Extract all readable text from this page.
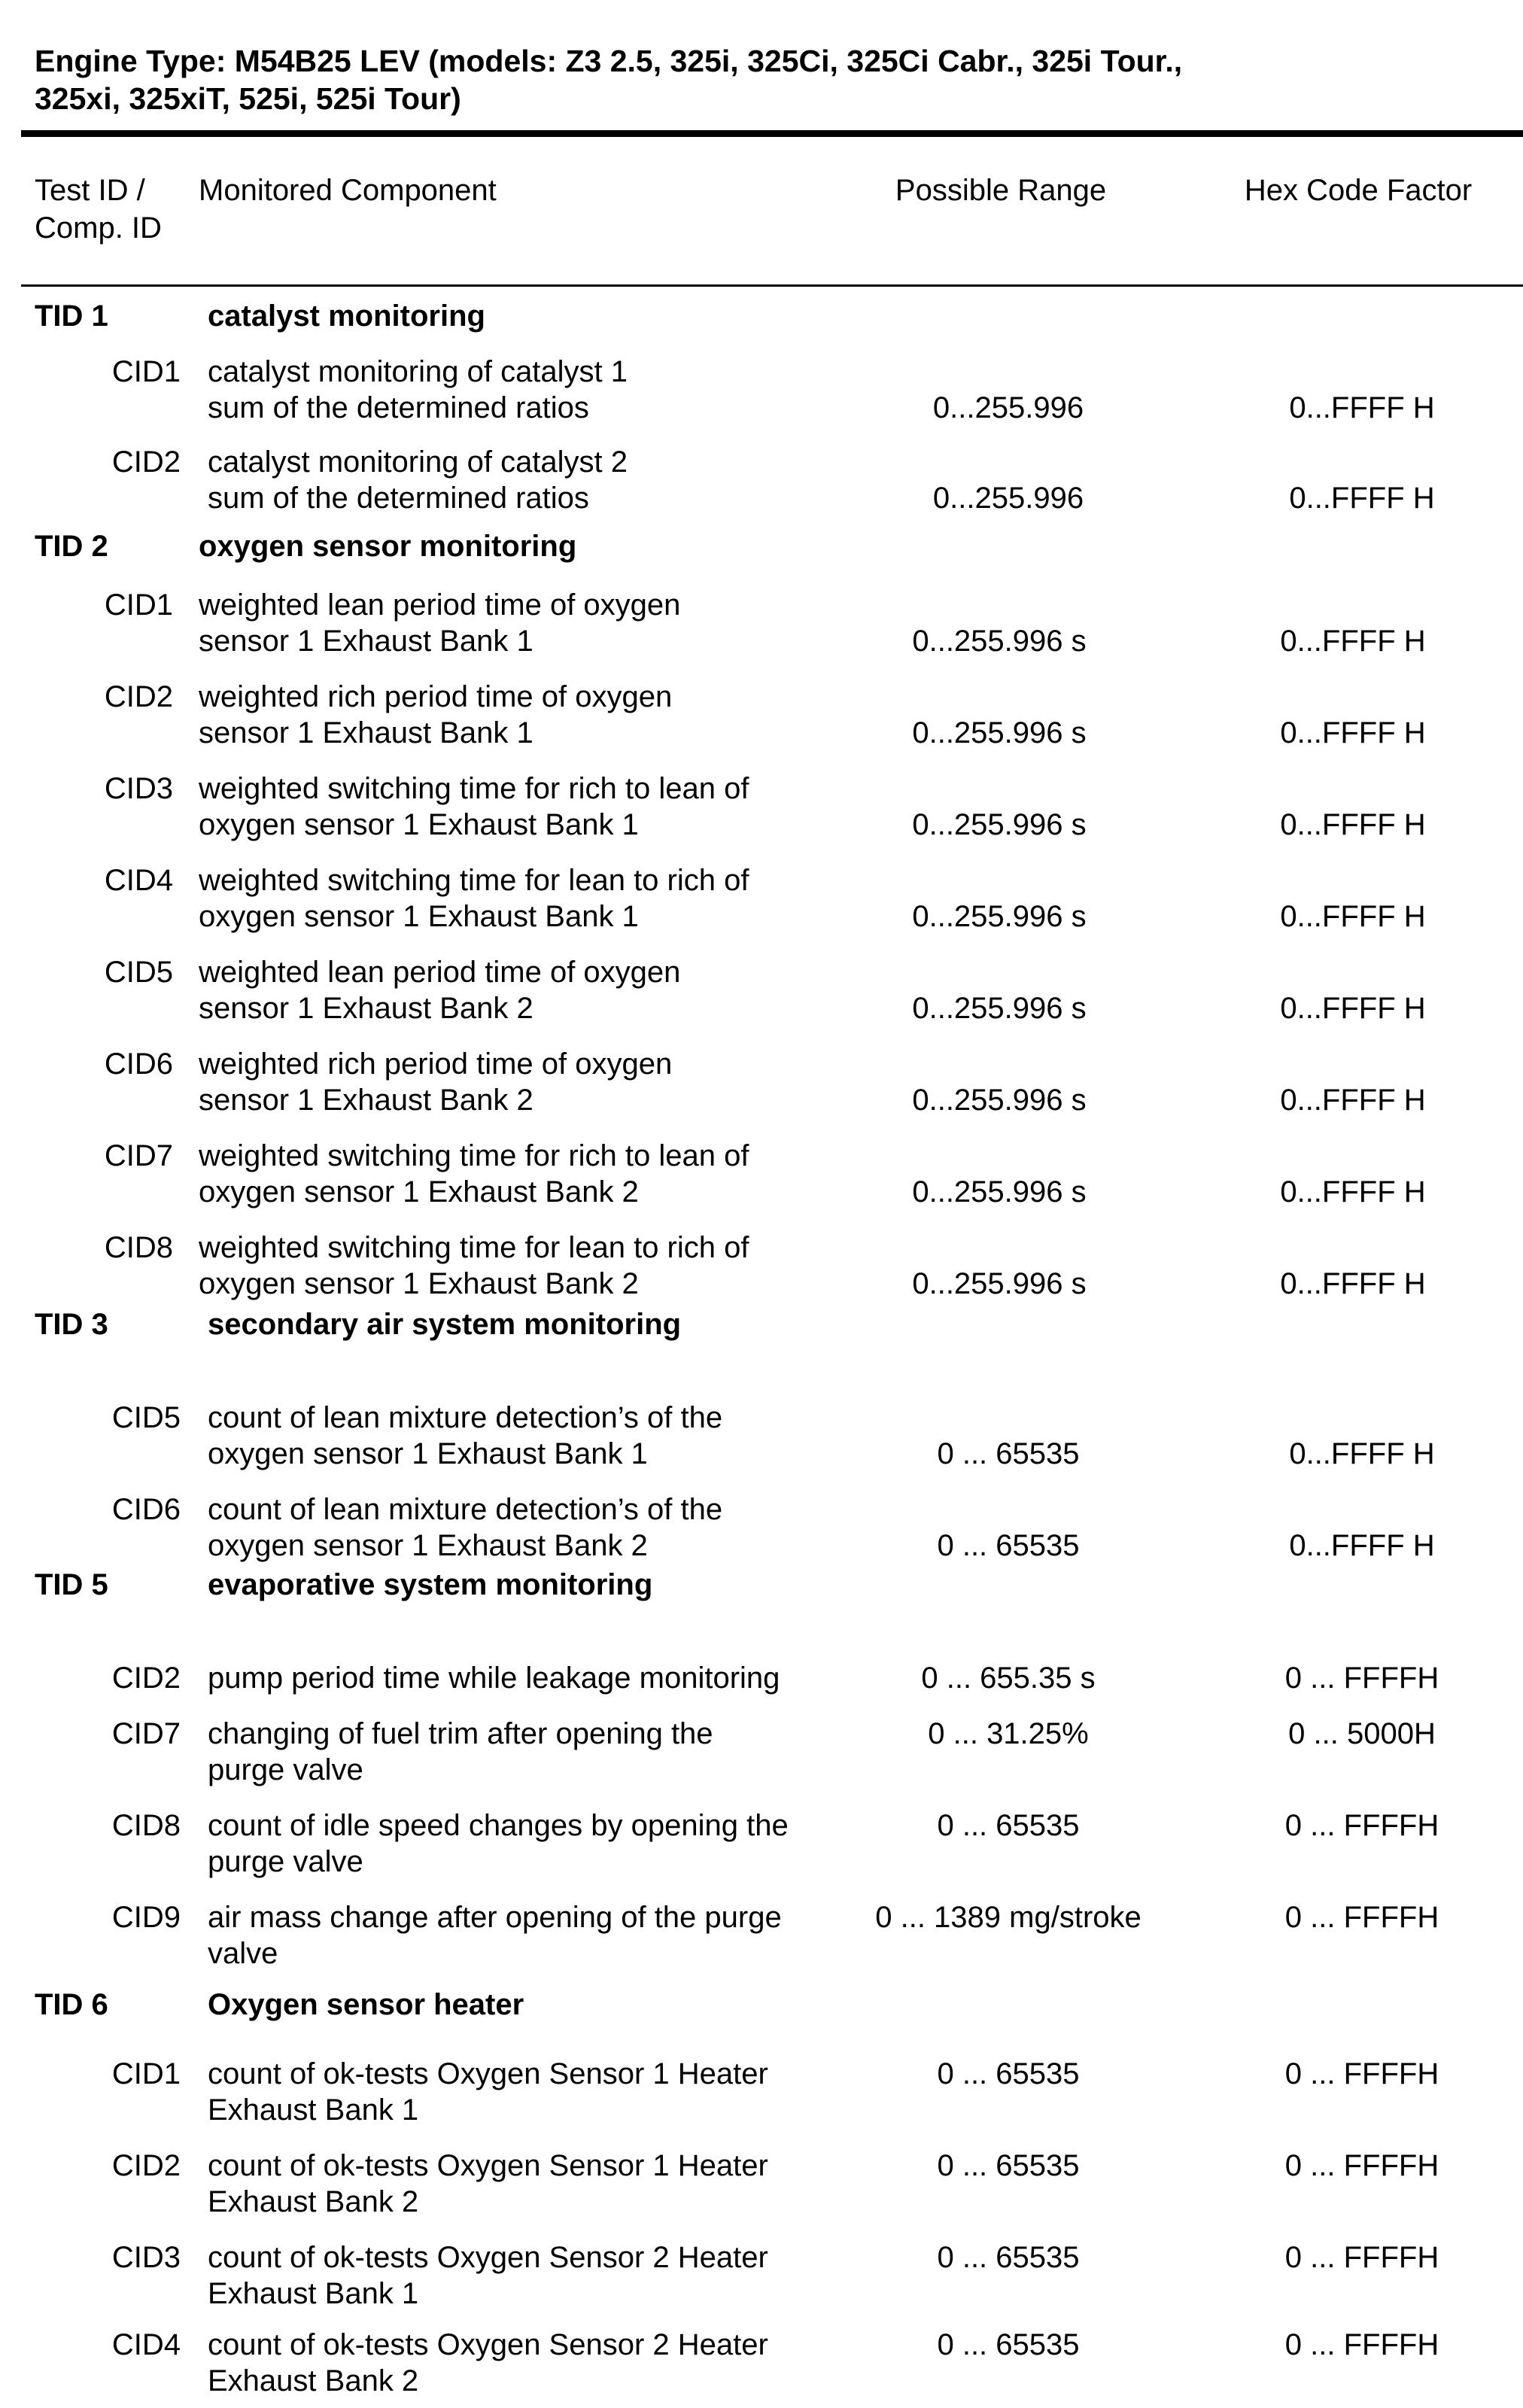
Engine Type: M54B25 LEV (models: Z3 2.5, 325i, 325Ci, 325Ci Cabr., 325i Tour.,
325xi, 325xiT, 525i, 525i Tour)
Test ID /
Comp. ID
Monitored Component	Possible Range	Hex Code Factor
TID 1	catalyst monitoring
CID1 catalyst monitoring of catalyst 1
sum of the determined ratios	0...255.996	0...FFFF H
CID2 catalyst monitoring of catalyst 2
sum of the determined ratios	0...255.996	0...FFFF H
TID 2	oxygen sensor monitoring
CID1 weighted lean period time of oxygen
sensor 1 Exhaust Bank 1	0...255.996 s	0...FFFF H
CID2 weighted rich period time of oxygen
sensor 1 Exhaust Bank 1	0...255.996 s	0...FFFF H
CID3 weighted switching time for rich to lean of
oxygen sensor 1 Exhaust Bank 1	0...255.996 s	0...FFFF H
CID4 weighted switching time for lean to rich of
oxygen sensor 1 Exhaust Bank 1	0...255.996 s	0...FFFF H
CID5 weighted lean period time of oxygen
sensor 1 Exhaust Bank 2	0...255.996 s	0...FFFF H
CID6 weighted rich period time of oxygen
sensor 1 Exhaust Bank 2	0...255.996 s	0...FFFF H
CID7 weighted switching time for rich to lean of
oxygen sensor 1 Exhaust Bank 2	0...255.996 s	0...FFFF H
CID8 weighted switching time for lean to rich of
oxygen sensor 1 Exhaust Bank 2	0...255.996 s	0...FFFF H
TID 3	secondary air system monitoring
CID5 count of lean mixture detection’s of the
oxygen sensor 1 Exhaust Bank 1	0 ... 65535	0...FFFF H
CID6 count of lean mixture detection’s of the
oxygen sensor 1 Exhaust Bank 2	0 ... 65535	0...FFFF H
TID 5	evaporative system monitoring
CID2 pump period time while leakage monitoring	0 ... 655.35 s	0 ... FFFFH
CID7 changing of fuel trim after opening the
purge valve
0 ... 31.25%	0 ... 5000H
CID8 count of idle speed changes by opening the
purge valve
0 ... 65535	0 ... FFFFH
CID9 air mass change after opening of the purge
valve
0 ... 1389 mg/stroke	0 ... FFFFH
TID 6	Oxygen sensor heater
CID1 count of ok-tests Oxygen Sensor 1 Heater
Exhaust Bank 1
0 ... 65535	0 ... FFFFH
CID2 count of ok-tests Oxygen Sensor 1 Heater
Exhaust Bank 2
0 ... 65535	0 ... FFFFH
CID3 count of ok-tests Oxygen Sensor 2 Heater
Exhaust Bank 1
0 ... 65535	0 ... FFFFH
CID4 count of ok-tests Oxygen Sensor 2 Heater
Exhaust Bank 2
0 ... 65535	0 ... FFFFH
